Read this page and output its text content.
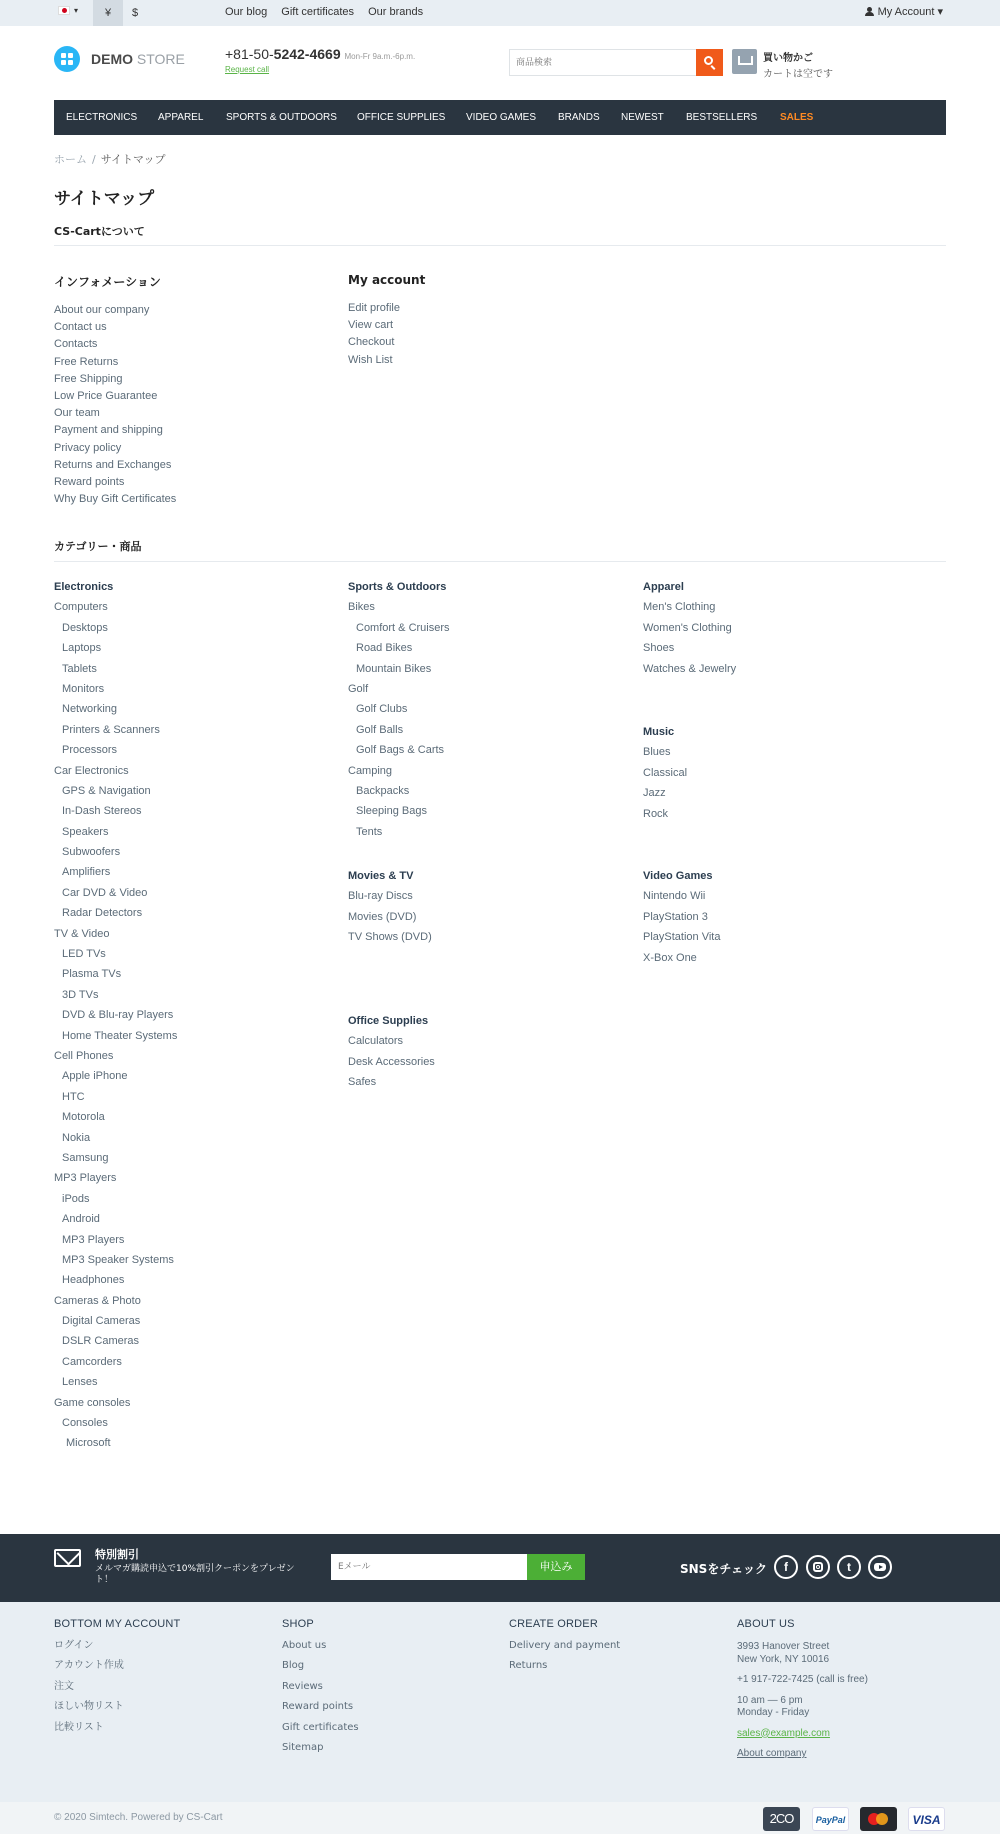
▾	¥	$	Our blog Gift certificates Our brands	My Account ▾
DEMO STORE	+81-50-5242-4669 Mon-Fr 9a.m.-6p.m.
Request call
商品検索
買い物かご
カートは空です
ELECTRONICS APPAREL SPORTS & OUTDOORS OFFICE SUPPLIES VIDEO GAMES BRANDS NEWEST BESTSELLERS SALES
ホーム / サイトマップ
サイトマップ
CS-Cartについて
インフォメーション
About our company
Contact us
Contacts
Free Returns
Free Shipping
Low Price Guarantee
Our team
Payment and shipping
Privacy policy
Returns and Exchanges
Reward points
Why Buy Gift Certificates
My account
Edit profile
View cart
Checkout
Wish List
カテゴリー・商品
Electronics
Computers
Desktops
Laptops
Tablets
Monitors
Networking
Printers & Scanners
Processors
Car Electronics
GPS & Navigation
In-Dash Stereos
Speakers
Subwoofers
Amplifiers
Car DVD & Video
Radar Detectors
TV & Video
LED TVs
Plasma TVs
3D TVs
DVD & Blu-ray Players
Home Theater Systems
Cell Phones
Apple iPhone
HTC
Motorola
Nokia
Samsung
MP3 Players
iPods
Android
MP3 Players
MP3 Speaker Systems
Headphones
Cameras & Photo
Digital Cameras
DSLR Cameras
Camcorders
Lenses
Game consoles
Consoles
Microsoft
Sports & Outdoors
Bikes
Comfort & Cruisers
Road Bikes
Mountain Bikes
Golf
Golf Clubs
Golf Balls
Golf Bags & Carts
Camping
Backpacks
Sleeping Bags
Tents
Movies & TV
Blu-ray Discs
Movies (DVD)
TV Shows (DVD)
Office Supplies
Calculators
Desk Accessories
Safes
Apparel
Men's Clothing
Women's Clothing
Shoes
Watches & Jewelry
Music
Blues
Classical
Jazz
Rock
Video Games
Nintendo Wii
PlayStation 3
PlayStation Vita
X-Box One
特別割引
メルマガ購読申込で10%割引クーポンをプレゼント！
Eメール
申込み	SNSをチェック	f	t
BOTTOM MY ACCOUNT
ログイン
アカウント作成
注文
ほしい物リスト
比較リスト
SHOP
About us
Blog
Reviews
Reward points
Gift certificates
Sitemap
CREATE ORDER
Delivery and payment
Returns
ABOUT US
3993 Hanover Street
New York, NY 10016
+1 917-722-7425 (call is free)
10 am — 6 pm
Monday - Friday
sales@example.com
About company
© 2020 Simtech. Powered by CS-Cart	2CO	PayPal	VISA
